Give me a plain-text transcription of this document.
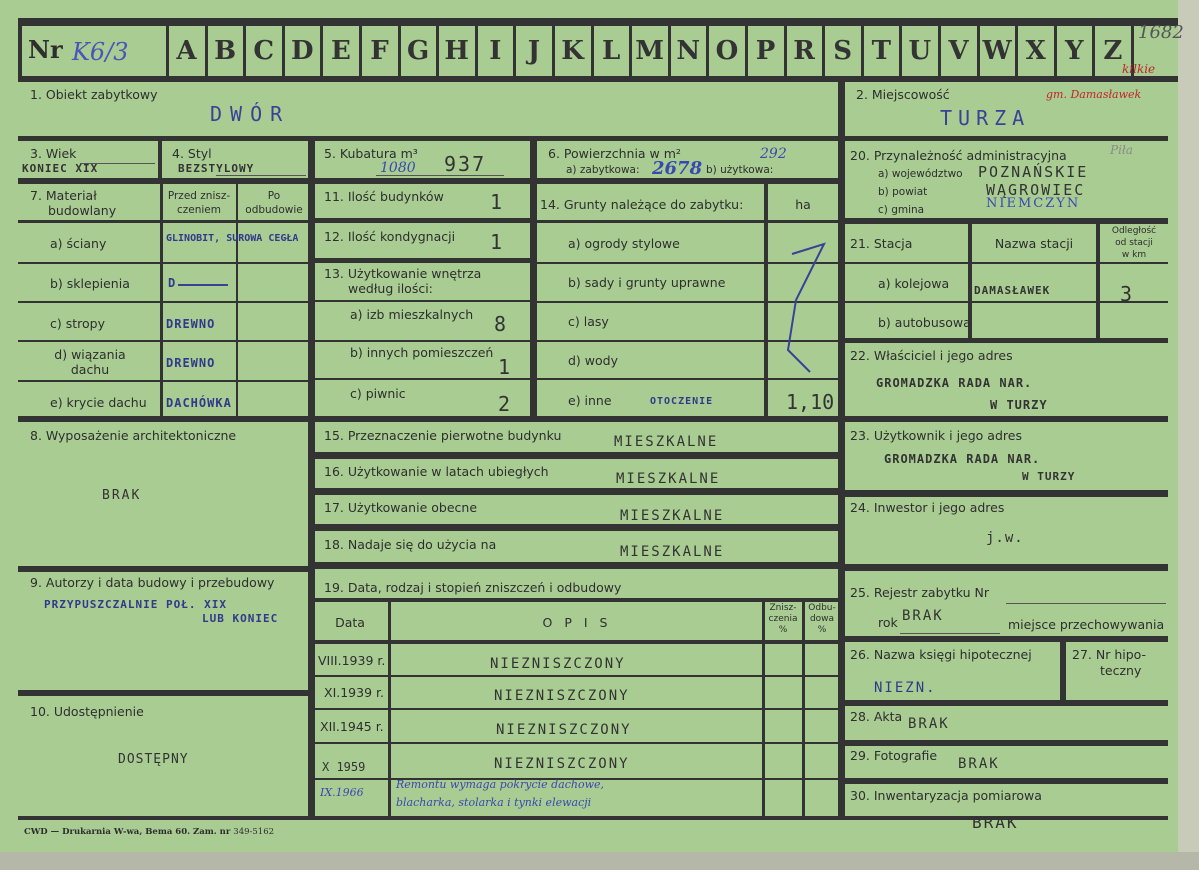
Nr K6/3	A B C D E F G H I	J K L M N O P R S T U V W X Y Z
1682
kilkie
1. Obiekt zabytkowy
DWÓR
2. Miejscowość
TURZA
gm. Damasławek
3. Wiek
KONIEC XIX
4. Styl
BEZSTYLOWY
5. Kubatura m³
1080 937	6. Powierzchnia w m²
a) zabytkowa: 2678 b) użytkowa:
292	20. Przynależność administracyjna	Piła
a) województwo POZNAŃSKIE
b) powiat	WĄGROWIEC
c) gmina	NIEMCZYN
7. Materiał
budowlany
Przed znisz-
czeniem
Po
odbudowie
a) ściany	GLINOBIT, SUROWA CEGŁA
b) sklepienia	D
c) stropy	DREWNO
d) wiązania
dachu	DREWNO
e) krycie dachu DACHÓWKA
11. Ilość budynków 1
12. Ilość kondygnacji 1
13. Użytkowanie wnętrza
według ilości:
a) izb mieszkalnych 8
b) innych pomieszczeń
1
c) piwnic	2
14. Grunty należące do zabytku:	ha
a) ogrody stylowe
b) sady i grunty uprawne
c) lasy
d) wody
e) inne	OTOCZENIE	1,10
21. Stacja	Nazwa stacji
Odległość
od stacji
w km
a) kolejowa DAMASŁAWEK	3
b) autobusowa
22. Właściciel i jego adres
GROMADZKA RADA NAR.
W TURZY
8. Wyposażenie architektoniczne
BRAK
15. Przeznaczenie pierwotne budynku	MIESZKALNE
16. Użytkowanie w latach ubiegłych	MIESZKALNE
17. Użytkowanie obecne
MIESZKALNE
18. Nadaje się do użycia na	MIESZKALNE
23. Użytkownik i jego adres
GROMADZKA RADA NAR.
W TURZY
24. Inwestor i jego adres
j.w.
9. Autorzy i data budowy i przebudowy
PRZYPUSZCZALNIE POŁ. XIX
LUB KONIEC
19. Data, rodzaj i stopień zniszczeń i odbudowy
Data	O P I S
Znisz-
czenia
%
Odbu-
dowa
%
VIII.1939 r.	NIEZNISZCZONY
XI.1939 r.	NIEZNISZCZONY
XII.1945 r.	NIEZNISZCZONY
X 1959	NIEZNISZCZONY
IX.1966
Remontu wymaga pokrycie dachowe,
blacharka, stolarka i tynki elewacji
10. Udostępnienie
DOSTĘPNY
25. Rejestr zabytku Nr
rok BRAK
miejsce przechowywania
26. Nazwa księgi hipotecznej
NIEZN.
27. Nr hipo-
teczny
28. Akta BRAK
29. Fotografie
BRAK
30. Inwentaryzacja pomiarowa
BRAK
CWD — Drukarnia W-wa, Bema 60. Zam. nr 349-5162
